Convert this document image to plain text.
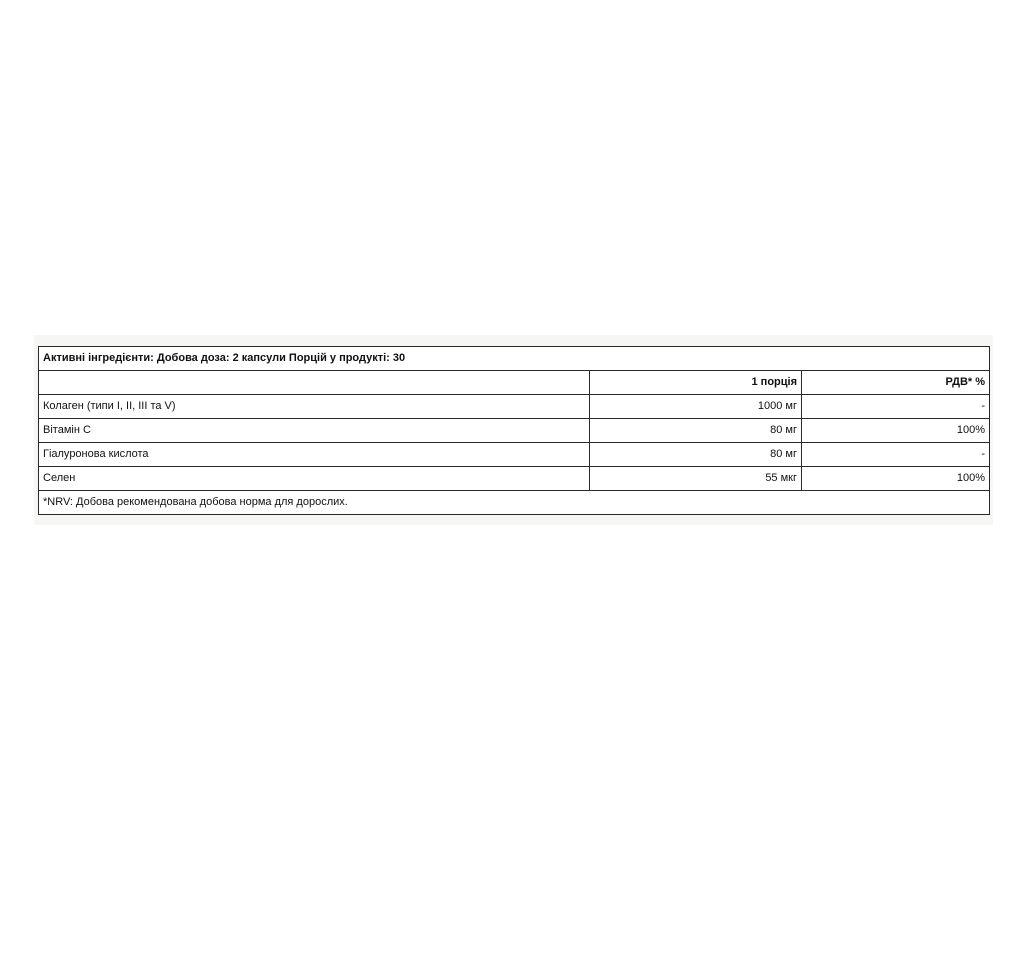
Активні інгредієнти: Добова доза: 2 капсули Порцій у продукті: 30		
	1 порція	РДВ* %
Колаген (типи I, II, III та V)	1000 мг	-
Вітамін С	80 мг	100%
Гіалуронова кислота	80 мг	-
Селен	55 мкг	100%
*NRV: Добова рекомендована добова норма для дорослих.		
